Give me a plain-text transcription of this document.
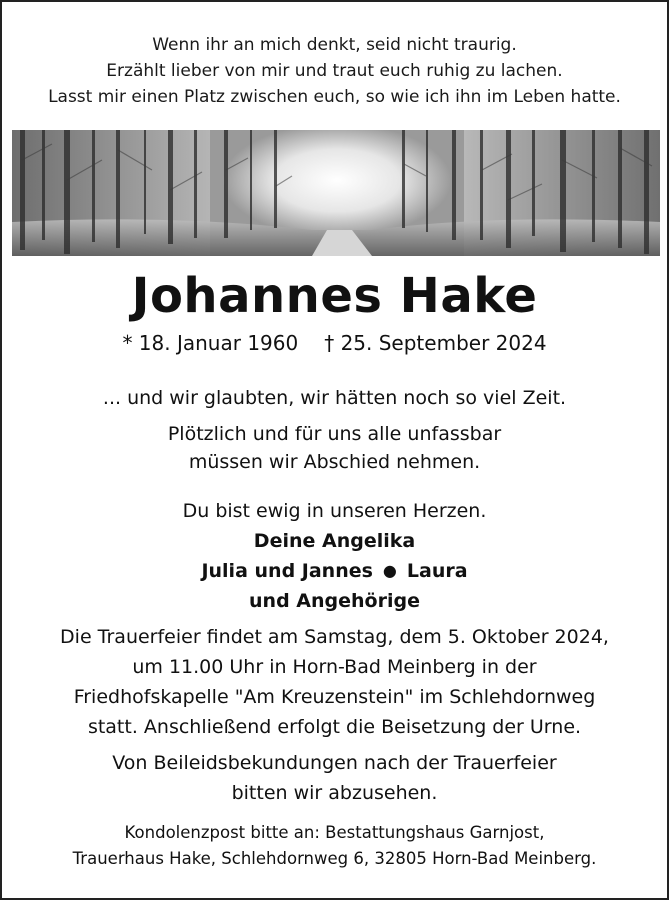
Wenn ihr an mich denkt, seid nicht traurig.
Erzählt lieber von mir und traut euch ruhig zu lachen.
Lasst mir einen Platz zwischen euch, so wie ich ihn im Leben hatte.
Johannes Hake
* 18. Januar 1960 † 25. September 2024
... und wir glaubten, wir hätten noch so viel Zeit.
Plötzlich und für uns alle unfassbar
müssen wir Abschied nehmen.
Du bist ewig in unseren Herzen.
Deine Angelika
Julia und Jannes ● Laura
und Angehörige
Die Trauerfeier findet am Samstag, dem 5. Oktober 2024,
um 11.00 Uhr in Horn-Bad Meinberg in der
Friedhofskapelle "Am Kreuzenstein" im Schlehdornweg
statt. Anschließend erfolgt die Beisetzung der Urne.
Von Beileidsbekundungen nach der Trauerfeier
bitten wir abzusehen.
Kondolenzpost bitte an: Bestattungshaus Garnjost,
Trauerhaus Hake, Schlehdornweg 6, 32805 Horn-Bad Meinberg.
